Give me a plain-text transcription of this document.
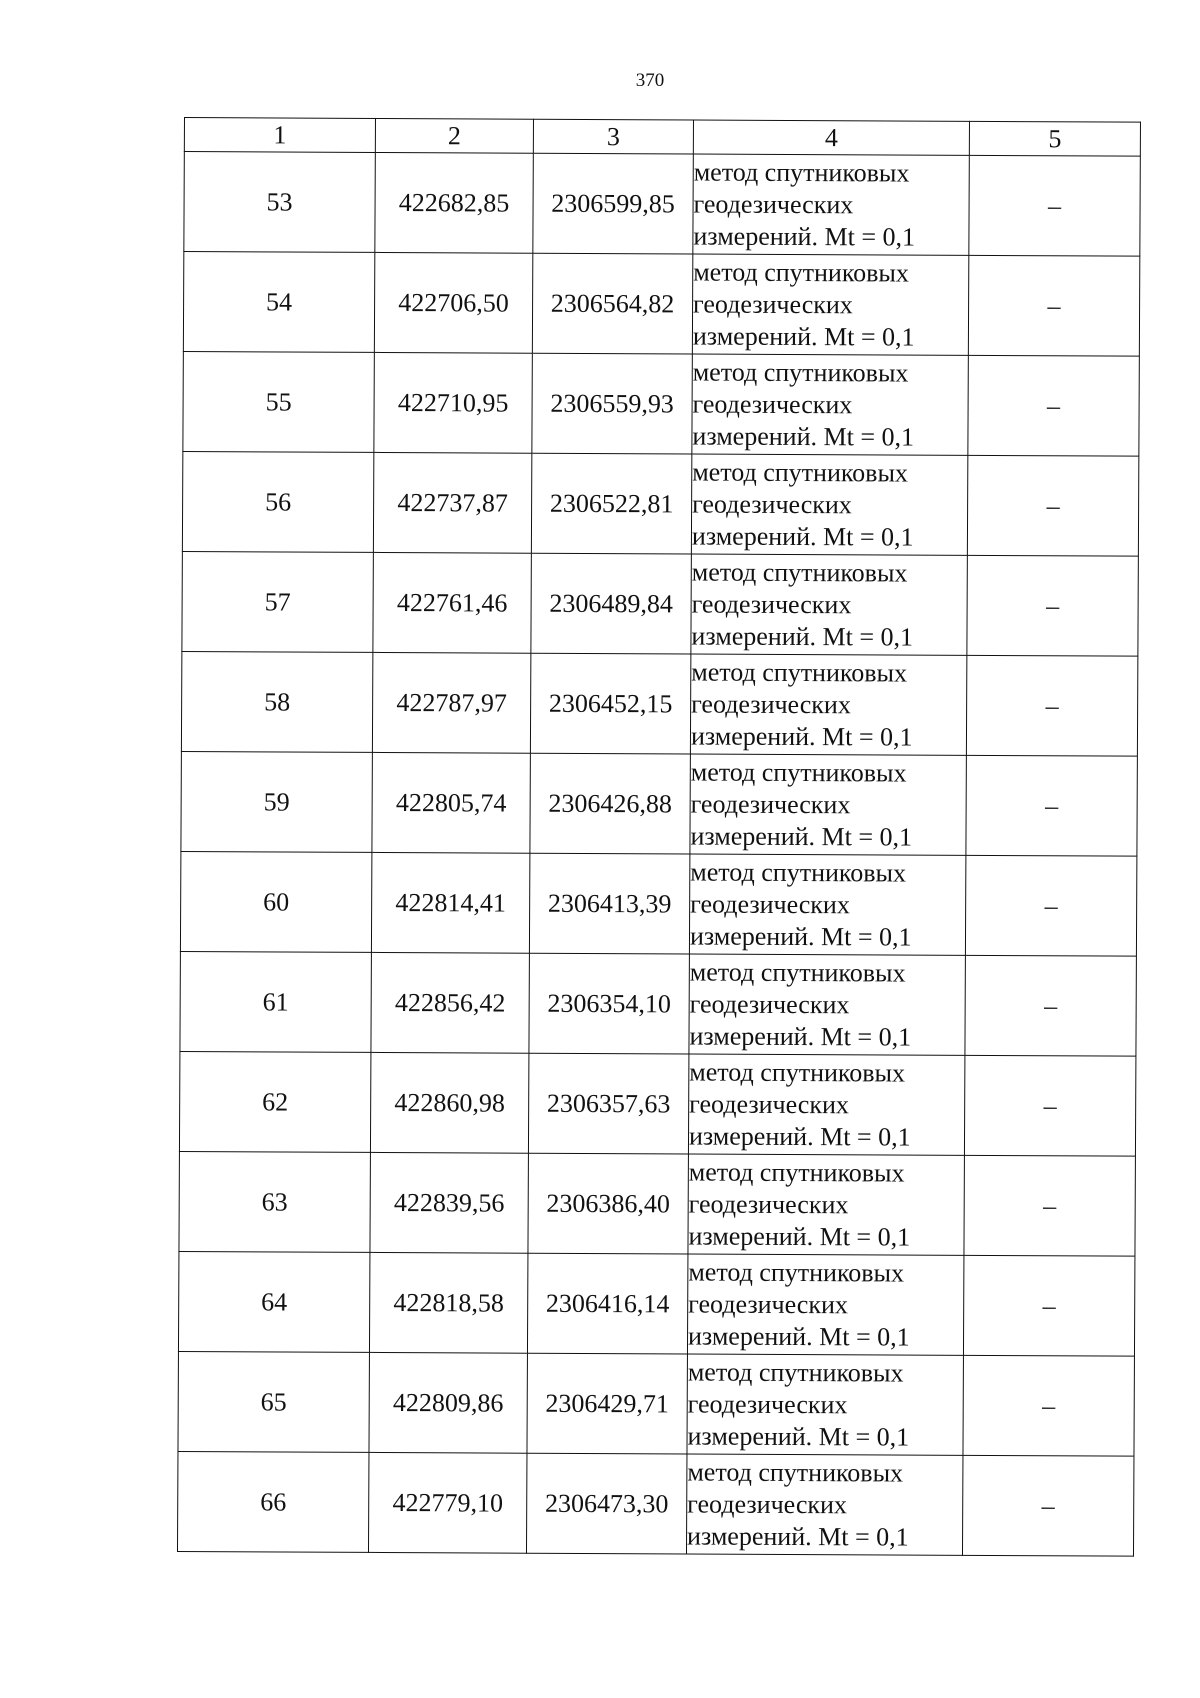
370
1	2	3	4	5
53	422682,85	2306599,85	метод спутниковых
геодезических
измерений. Mt = 0,1	–
54	422706,50	2306564,82	метод спутниковых
геодезических
измерений. Mt = 0,1	–
55	422710,95	2306559,93	метод спутниковых
геодезических
измерений. Mt = 0,1	–
56	422737,87	2306522,81	метод спутниковых
геодезических
измерений. Mt = 0,1	–
57	422761,46	2306489,84	метод спутниковых
геодезических
измерений. Mt = 0,1	–
58	422787,97	2306452,15	метод спутниковых
геодезических
измерений. Mt = 0,1	–
59	422805,74	2306426,88	метод спутниковых
геодезических
измерений. Mt = 0,1	–
60	422814,41	2306413,39	метод спутниковых
геодезических
измерений. Mt = 0,1	–
61	422856,42	2306354,10	метод спутниковых
геодезических
измерений. Mt = 0,1	–
62	422860,98	2306357,63	метод спутниковых
геодезических
измерений. Mt = 0,1	–
63	422839,56	2306386,40	метод спутниковых
геодезических
измерений. Mt = 0,1	–
64	422818,58	2306416,14	метод спутниковых
геодезических
измерений. Mt = 0,1	–
65	422809,86	2306429,71	метод спутниковых
геодезических
измерений. Mt = 0,1	–
66	422779,10	2306473,30	метод спутниковых
геодезических
измерений. Mt = 0,1	–
